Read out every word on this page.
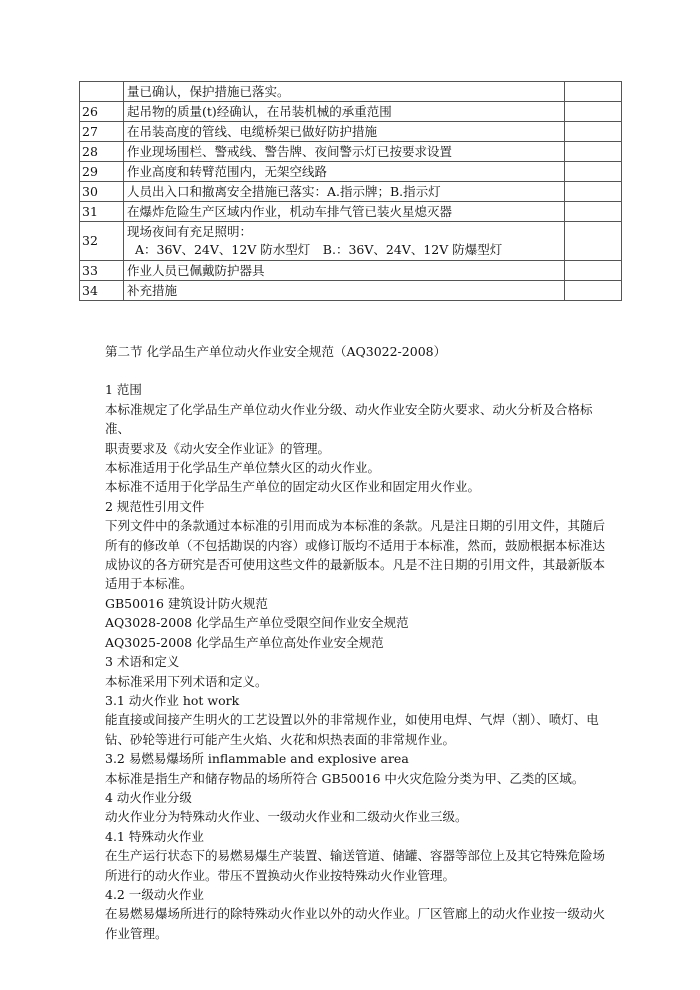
	量已确认，保护措施已落实。	
26	起吊物的质量(t)经确认，在吊装机械的承重范围	
27	在吊装高度的管线、电缆桥架已做好防护措施	
28	作业现场围栏、警戒线、警告牌、夜间警示灯已按要求设置	
29	作业高度和转臂范围内，无架空线路	
30	人员出入口和撤离安全措施已落实：A.指示牌；B.指示灯	
31	在爆炸危险生产区域内作业，机动车排气管已装火星熄灭器	
32	现场夜间有充足照明：
A：36V、24V、12V 防水型灯　B.：36V、24V、12V 防爆型灯	

33	作业人员已佩戴防护器具	
34	补充措施	

第二节 化学品生产单位动火作业安全规范（AQ3022-2008）

1 范围

本标准规定了化学品生产单位动火作业分级、动火作业安全防火要求、动火分析及合格标准、

职责要求及《动火安全作业证》的管理。

本标准适用于化学品生产单位禁火区的动火作业。

本标准不适用于化学品生产单位的固定动火区作业和固定用火作业。

2 规范性引用文件

下列文件中的条款通过本标准的引用而成为本标准的条款。凡是注日期的引用文件，其随后

所有的修改单（不包括勘误的内容）或修订版均不适用于本标准，然而，鼓励根据本标准达

成协议的各方研究是否可使用这些文件的最新版本。凡是不注日期的引用文件，其最新版本

适用于本标准。

GB50016 建筑设计防火规范

AQ3028-2008 化学品生产单位受限空间作业安全规范

AQ3025-2008 化学品生产单位高处作业安全规范

3 术语和定义

本标准采用下列术语和定义。

3.1 动火作业 hot work

能直接或间接产生明火的工艺设置以外的非常规作业，如使用电焊、气焊（割）、喷灯、电

钻、砂轮等进行可能产生火焰、火花和炽热表面的非常规作业。

3.2 易燃易爆场所 inflammable and explosive area

本标准是指生产和储存物品的场所符合 GB50016 中火灾危险分类为甲、乙类的区域。

4 动火作业分级

动火作业分为特殊动火作业、一级动火作业和二级动火作业三级。

4.1 特殊动火作业

在生产运行状态下的易燃易爆生产装置、输送管道、储罐、容器等部位上及其它特殊危险场

所进行的动火作业。带压不置换动火作业按特殊动火作业管理。

4.2 一级动火作业

在易燃易爆场所进行的除特殊动火作业以外的动火作业。厂区管廊上的动火作业按一级动火

作业管理。
